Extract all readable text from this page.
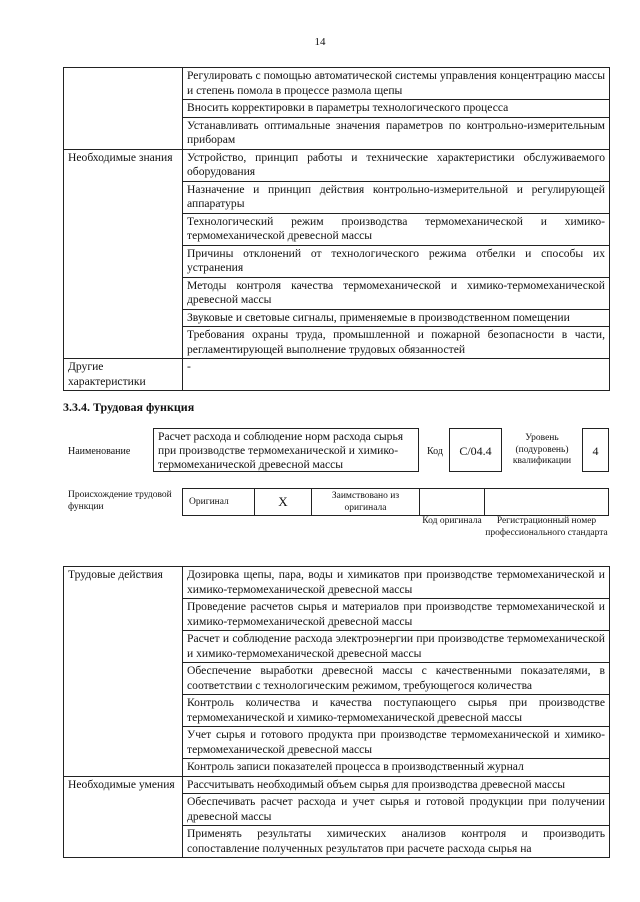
14
	Регулировать с помощью автоматической системы управления концентрацию массы и степень помола в процессе размола щепы
	Вносить корректировки в параметры технологического процесса
	Устанавливать оптимальные значения параметров по контрольно-измерительным приборам
Необходимые знания	Устройство, принцип работы и технические характеристики обслуживаемого оборудования
	Назначение и принцип действия контрольно-измерительной и регулирующей аппаратуры
	Технологический режим производства термомеханической и химико-термомеханической древесной массы
	Причины отклонений от технологического режима отбелки и способы их устранения
	Методы контроля качества термомеханической и химико-термомеханической древесной массы
	Звуковые и световые сигналы, применяемые в производственном помещении
	Требования охраны труда, промышленной и пожарной безопасности в части, регламентирующей выполнение трудовых обязанностей
Другие характеристики	-
3.3.4. Трудовая функция
Наименование
Расчет расхода и соблюдение норм расхода сырья при производстве термомеханической и химико-термомеханической древесной массы
Код	C/04.4
Уровень (подуровень) квалификации
4
Происхождение трудовой функции	Оригинал	X	Заимствовано из оригинала
Код оригинала	Регистрационный номер профессионального стандарта
Трудовые действия	Дозировка щепы, пара, воды и химикатов при производстве термомеханической и химико-термомеханической древесной массы
	Проведение расчетов сырья и материалов при производстве термомеханической и химико-термомеханической древесной массы
	Расчет и соблюдение расхода электроэнергии при производстве термомеханической и химико-термомеханической древесной массы
	Обеспечение выработки древесной массы с качественными показателями, в соответствии с технологическим режимом, требующегося количества
	Контроль количества и качества поступающего сырья при производстве термомеханической и химико-термомеханической древесной массы
	Учет сырья и готового продукта при производстве термомеханической и химико-термомеханической древесной массы
	Контроль записи показателей процесса в производственный журнал
Необходимые умения	Рассчитывать необходимый объем сырья для производства древесной массы
	Обеспечивать расчет расхода и учет сырья и готовой продукции при получении древесной массы
	Применять результаты химических анализов контроля и производить сопоставление полученных результатов при расчете расхода сырья на
